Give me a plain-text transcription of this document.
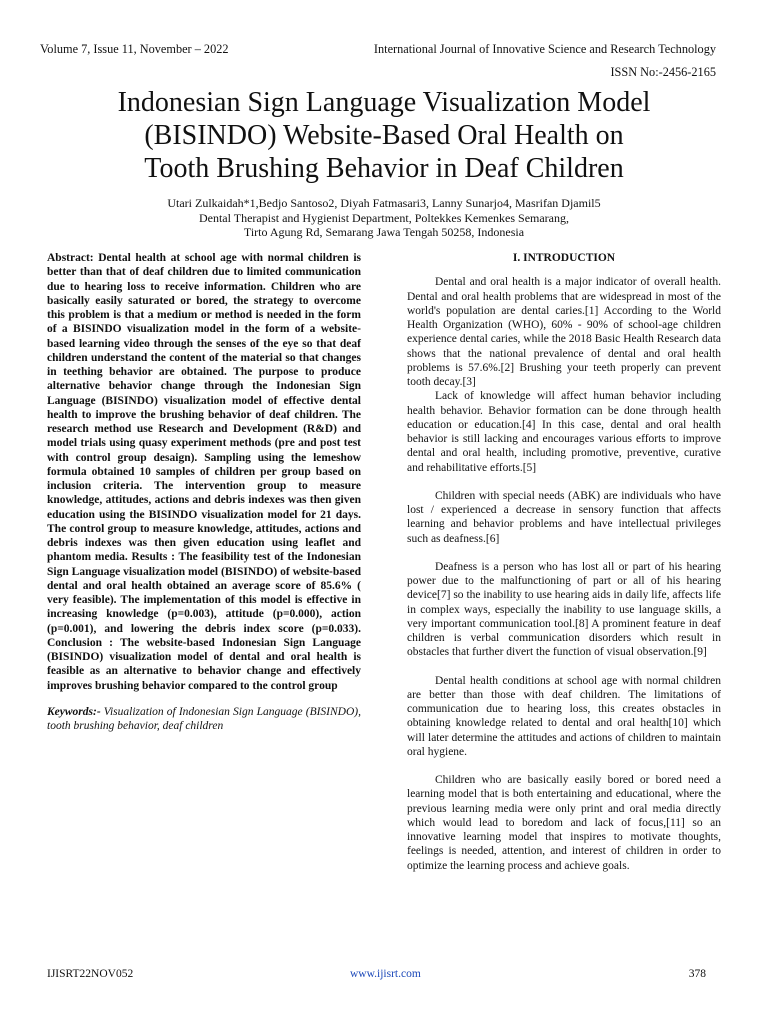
Volume 7, Issue 11, November – 2022	International Journal of Innovative Science and Research Technology
ISSN No:-2456-2165
Indonesian Sign Language Visualization Model
(BISINDO) Website-Based Oral Health on
Tooth Brushing Behavior in Deaf Children
Utari Zulkaidah*1,Bedjo Santoso2, Diyah Fatmasari3, Lanny Sunarjo4, Masrifan Djamil5
Dental Therapist and Hygienist Department, Poltekkes Kemenkes Semarang,
Tirto Agung Rd, Semarang Jawa Tengah 50258, Indonesia

Abstract: Dental health at school age with normal children is better than that of deaf children due to limited communication due to hearing loss to receive information. Children who are basically easily saturated or bored, the strategy to overcome this problem is that a medium or method is needed in the form of a BISINDO visualization model in the form of a website-based learning video through the senses of the eye so that deaf children understand the content of the material so that changes in teething behavior are obtained. The purpose to produce alternative behavior change through the Indonesian Sign Language (BISINDO) visualization model of effective dental health to improve the brushing behavior of deaf children. The research method use Research and Development (R&D) and model trials using quasy experiment methods (pre and post test with control group desaign). Sampling using the lemeshow formula obtained 10 samples of children per group based on inclusion criteria. The intervention group to measure knowledge, attitudes, actions and debris indexes was then given education using the BISINDO visualization model for 21 days. The control group to measure knowledge, attitudes, actions and debris indexes was then given education using leaflet and phantom media. Results : The feasibility test of the Indonesian Sign Language visualization model (BISINDO) of website-based dental and oral health obtained an average score of 85.6% ( very feasible). The implementation of this model is effective in increasing knowledge (p=0.003), attitude (p=0.000), action (p=0.001), and lowering the debris index score (p=0.033). Conclusion : The website-based Indonesian Sign Language (BISINDO) visualization model of dental and oral health is feasible as an alternative to behavior change and effectively improves brushing behavior compared to the control group

Keywords:- Visualization of Indonesian Sign Language (BISINDO), tooth brushing behavior, deaf children

I. INTRODUCTION

Dental and oral health is a major indicator of overall health. Dental and oral health problems that are widespread in most of the world's population are dental caries.[1] According to the World Health Organization (WHO), 60% - 90% of school-age children experience dental caries, while the 2018 Basic Health Research data shows that the national prevalence of dental and oral health problems is 57.6%.[2] Brushing your teeth properly can prevent tooth decay.[3]

Lack of knowledge will affect human behavior including health behavior. Behavior formation can be done through health education or education.[4] In this case, dental and oral health behavior is still lacking and encourages various efforts to improve dental and oral health, including promotive, preventive, curative and rehabilitative efforts.[5]

Children with special needs (ABK) are individuals who have lost / experienced a decrease in sensory function that affects learning and behavior problems and have intellectual privileges such as deafness.[6]

Deafness is a person who has lost all or part of his hearing power due to the malfunctioning of part or all of his hearing device[7] so the inability to use hearing aids in daily life, affects life in complex ways, especially the inability to use language skills, a very important communication tool.[8] A prominent feature in deaf children is verbal communication disorders which result in obstacles that further divert the function of visual observation.[9]

Dental health conditions at school age with normal children are better than those with deaf children. The limitations of communication due to hearing loss, this creates obstacles in obtaining knowledge related to dental and oral health[10] which will later determine the attitudes and actions of children to maintain oral hygiene.

Children who are basically easily bored or bored need a learning model that is both entertaining and educational, where the previous learning media were only print and oral media directly which would lead to boredom and lack of focus,[11] so an innovative learning model that inspires to motivate thoughts, feelings is needed, attention, and interest of children in order to optimize the learning process and achieve goals.

IJISRT22NOV052	www.ijisrt.com	378
